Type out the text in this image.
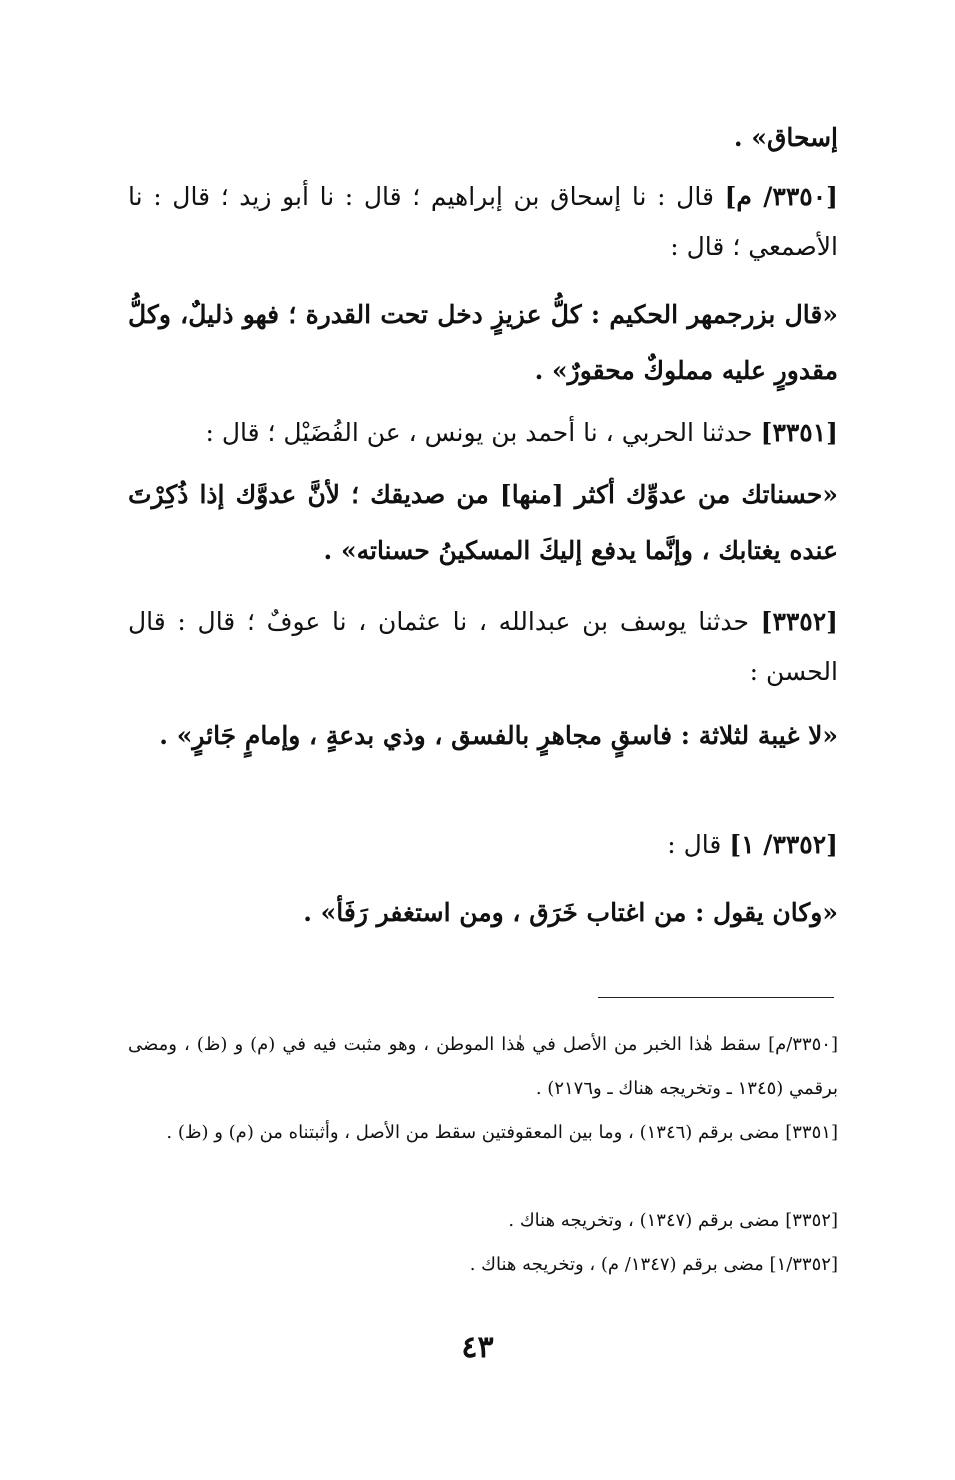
إسحاق» .
[٣٣٥٠/ م] قال : نا إسحاق بن إبراهيم ؛ قال : نا أبو زيد ؛ قال : نا الأصمعي ؛ قال :
«قال بزرجمهر الحكيم : كلُّ عزيزٍ دخل تحت القدرة ؛ فهو ذليلٌ، وكلُّ مقدورٍ عليه مملوكٌ محقورٌ» .
[٣٣٥١] حدثنا الحربي ، نا أحمد بن يونس ، عن الفُضَيْل ؛ قال :
«حسناتك من عدوِّك أكثر [منها] من صديقك ؛ لأنَّ عدوَّك إذا ذُكِرْتَ عنده يغتابك ، وإنَّما يدفع إليكَ المسكينُ حسناته» .
[٣٣٥٢] حدثنا يوسف بن عبدالله ، نا عثمان ، نا عوفٌ ؛ قال : قال الحسن :
«لا غيبة لثلاثة : فاسقٍ مجاهرٍ بالفسق ، وذي بدعةٍ ، وإمامٍ جَائرٍ» .
[٣٣٥٢/ ١] قال :
«وكان يقول : من اغتاب خَرَق ، ومن استغفر رَفَأ» .
[٣٣٥٠/م] سقط هٰذا الخبر من الأصل في هٰذا الموطن ، وهو مثبت فيه في (م) و (ظ) ، ومضى برقمي (١٣٤٥ ـ وتخريجه هناك ـ و٢١٧٦) .
[٣٣٥١] مضى برقم (١٣٤٦) ، وما بين المعقوفتين سقط من الأصل ، وأثبتناه من (م) و (ظ) .
[٣٣٥٢] مضى برقم (١٣٤٧) ، وتخريجه هناك .
[١/٣٣٥٢] مضى برقم (١٣٤٧/ م) ، وتخريجه هناك .
٤٣
